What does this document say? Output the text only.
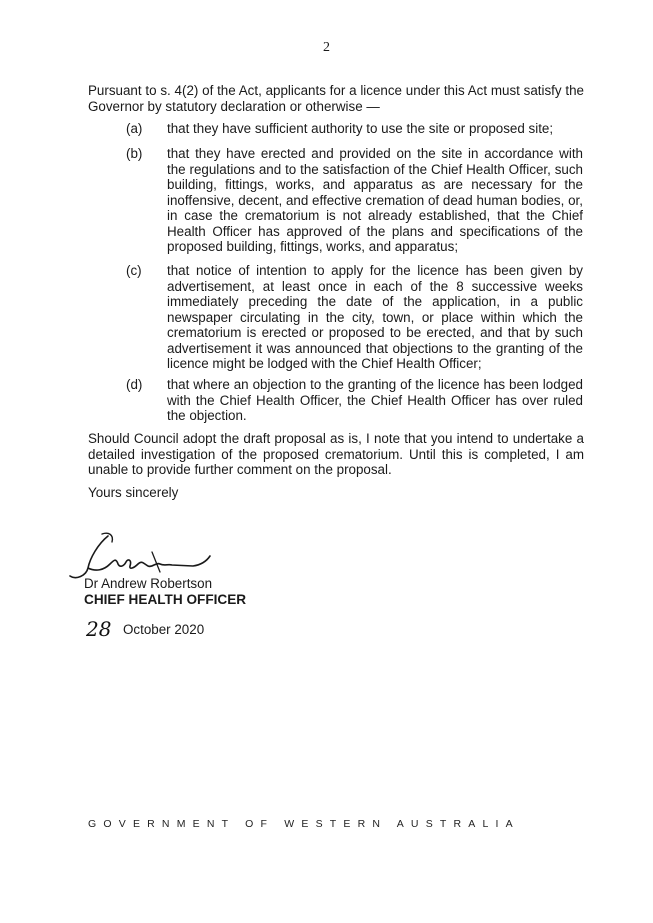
2
Pursuant to s. 4(2) of the Act, applicants for a licence under this Act must satisfy the Governor by statutory declaration or otherwise —
(a) that they have sufficient authority to use the site or proposed site;
(b) that they have erected and provided on the site in accordance with the regulations and to the satisfaction of the Chief Health Officer, such building, fittings, works, and apparatus as are necessary for the inoffensive, decent, and effective cremation of dead human bodies, or, in case the crematorium is not already established, that the Chief Health Officer has approved of the plans and specifications of the proposed building, fittings, works, and apparatus;
(c) that notice of intention to apply for the licence has been given by advertisement, at least once in each of the 8 successive weeks immediately preceding the date of the application, in a public newspaper circulating in the city, town, or place within which the crematorium is erected or proposed to be erected, and that by such advertisement it was announced that objections to the granting of the licence might be lodged with the Chief Health Officer;
(d) that where an objection to the granting of the licence has been lodged with the Chief Health Officer, the Chief Health Officer has over ruled the objection.
Should Council adopt the draft proposal as is, I note that you intend to undertake a detailed investigation of the proposed crematorium. Until this is completed, I am unable to provide further comment on the proposal.
Yours sincerely
Dr Andrew Robertson
CHIEF HEALTH OFFICER
28 October 2020
GOVERNMENT OF WESTERN AUSTRALIA
